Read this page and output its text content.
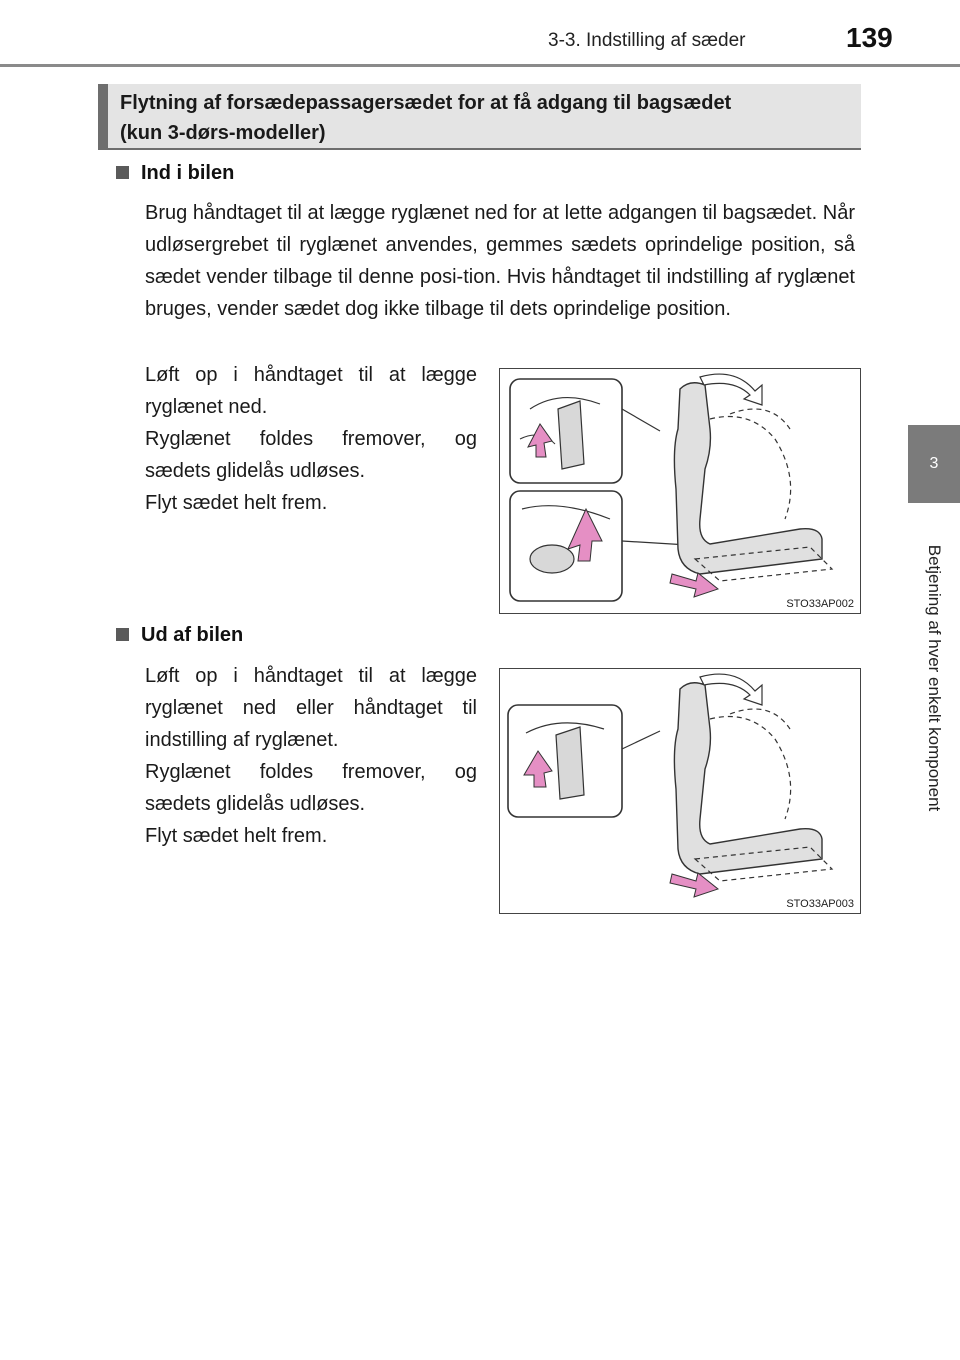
3-3. Indstilling af sæder	139
3
Betjening af hver enkelt komponent

Flytning af forsædepassagersædet for at få adgang til bagsædet

(kun 3-dørs-modeller)

Ind i bilen

Brug håndtaget til at lægge ryglænet ned for at lette adgangen til bagsædet. Når udløsergrebet til ryglænet anvendes, gemmes sædets oprindelige position, så sædet vender tilbage til denne posi-tion. Hvis håndtaget til indstilling af ryglænet bruges, vender sædet dog ikke tilbage til dets oprindelige position.

Løft op i håndtaget til at lægge ryglænet ned.

Ryglænet foldes fremover, og sædets glidelås udløses.

Flyt sædet helt frem.

STO33AP002
Ud af bilen

Løft op i håndtaget til at lægge ryglænet ned eller håndtaget til indstilling af ryglænet.

Ryglænet foldes fremover, og sædets glidelås udløses.

Flyt sædet helt frem.

STO33AP003
